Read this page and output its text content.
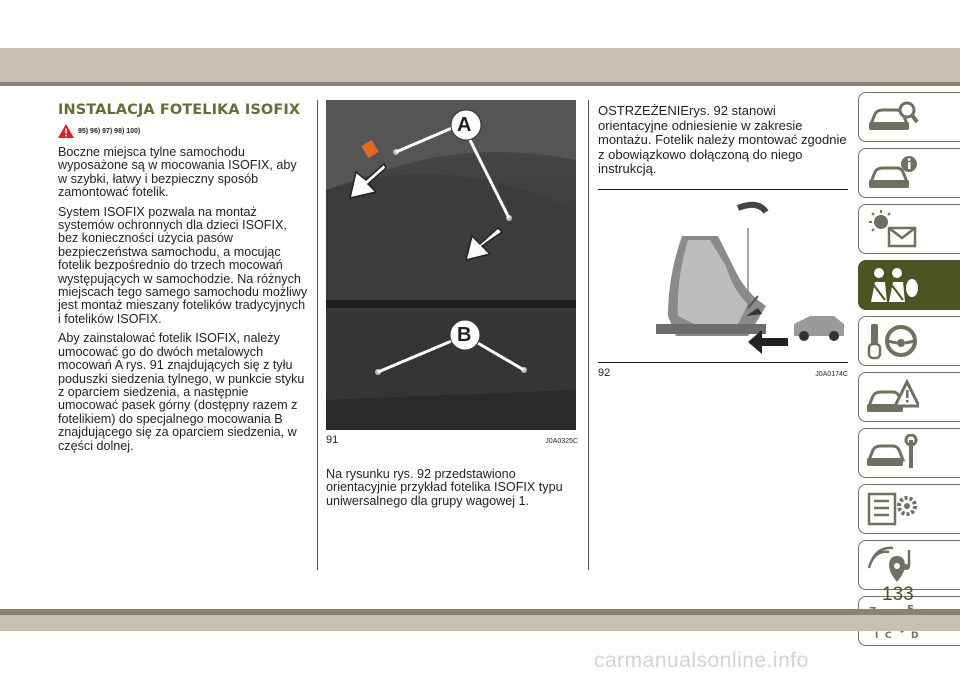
INSTALACJA FOTELIKA ISOFIX
95) 96) 97) 98) 100)

Boczne miejsca tylne samochodu wyposażone są w mocowania ISOFIX, aby w szybki, łatwy i bezpieczny sposób zamontować fotelik.

System ISOFIX pozwala na montaż systemów ochronnych dla dzieci ISOFIX, bez konieczności użycia pasów bezpieczeństwa samochodu, a mocując fotelik bezpośrednio do trzech mocowań występujących w samochodzie. Na różnych miejscach tego samego samochodu możliwy jest montaż mieszany fotelików tradycyjnych i fotelików ISOFIX.

Aby zainstalować fotelik ISOFIX, należy umocować go do dwóch metalowych mocowań A rys. 91 znajdujących się z tyłu poduszki siedzenia tylnego, w punkcie styku z oparciem siedzenia, a następnie umocować pasek górny (dostępny razem z fotelikiem) do specjalnego mocowania B znajdującego się za oparciem siedzenia, w części dolnej.

A
B
91	J0A0325C

Na rysunku rys. 92 przedstawiono orientacyjnie przykład fotelika ISOFIX typu uniwersalnego dla grupy wagowej 1.

OSTRZEŻENIErys. 92 stanowi orientacyjne odniesienie w zakresie montażu. Fotelik należy montować zgodnie z obowiązkowo dołączoną do niego instrukcją.

92	J0A0174C
C D
I
133
carmanualsonline.info
